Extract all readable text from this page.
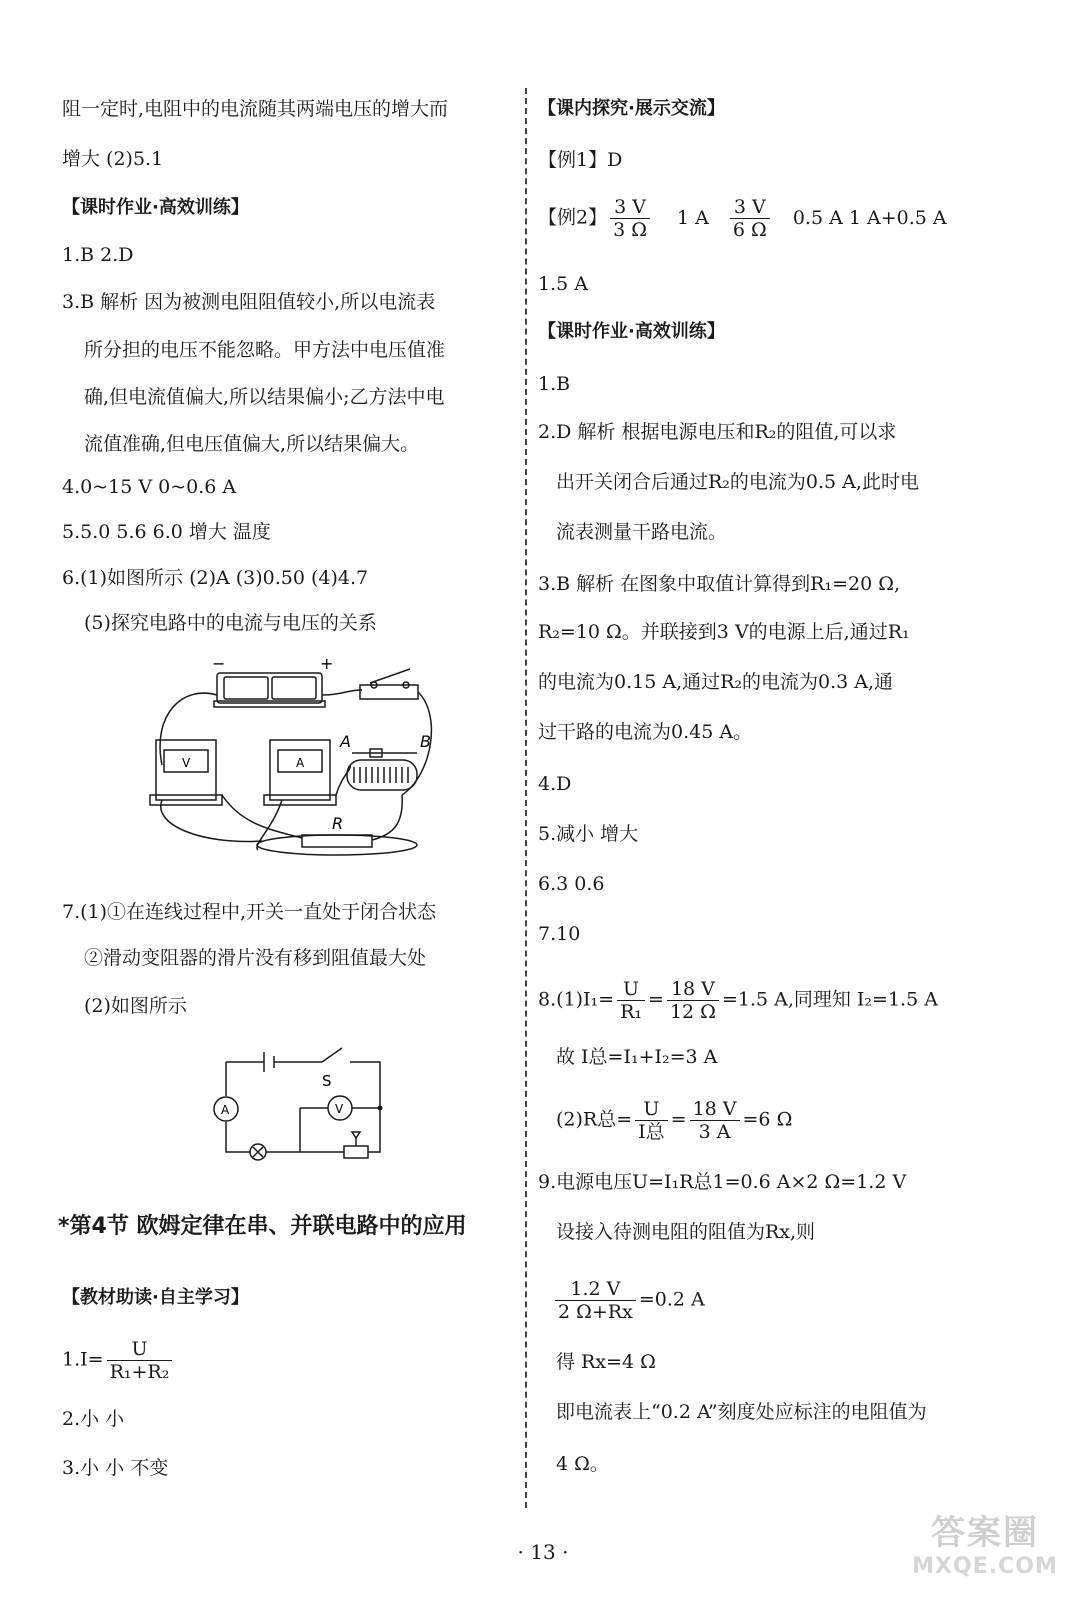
阻一定时,电阻中的电流随其两端电压的增大而
增大 (2)5.1
【课时作业·高效训练】
1.B 2.D
3.B 解析 因为被测电阻阻值较小,所以电流表
所分担的电压不能忽略。甲方法中电压值准
确,但电流值偏大,所以结果偏小;乙方法中电
流值准确,但电压值偏大,所以结果偏大。
4.0~15 V 0~0.6 A
5.5.0 5.6 6.0 增大 温度
6.(1)如图所示 (2)A (3)0.50 (4)4.7
(5)探究电路中的电流与电压的关系
−	+
V	A
A	B
R
7.(1)①在连线过程中,开关一直处于闭合状态
②滑动变阻器的滑片没有移到阻值最大处
(2)如图所示
S
A	V
*第4节 欧姆定律在串、并联电路中的应用
【教材助读·自主学习】
$1.I= \frac{U}{\text{R₁+R₂}}$
2.小 小
3.小 小 不变
【课内探究·展示交流】
【例1】D
【例2】 $\frac{3 V}{3 \Omega} 1$ A $\frac{3 V}{6 \Omega} 0.5$ A 1 A+0.5 A
1.5 A
【课时作业·高效训练】
1.B
2.D 解析 根据电源电压和R₂的阻值,可以求
出开关闭合后通过R₂的电流为0.5 A,此时电
流表测量干路电流。
3.B 解析 在图象中取值计算得到R₁=20 Ω,
R₂=10 Ω。并联接到3 V的电源上后,通过R₁
的电流为0.15 A,通过R₂的电流为0.3 A,通
过干路的电流为0.45 A。
4.D
5.减小 增大
6.3 0.6
7.10
$8.(1)I_1= \frac{U}{\text{R₁}} = \frac{18 V}{12 \Omega} =1.5$ A,同理知 I₂=1.5 A
故 I总=I₁+I₂=3 A
(2)R总= $\frac{U}{\text{I总}} = \frac{18 V}{3 A} =6$ Ω
9.电源电压U=I₁R总1=0.6 A×2 Ω=1.2 V
设接入待测电阻的阻值为Rx,则
$\frac{1.2 V}{2 \Omega+Rx} =0.2$ A
得 Rx=4 Ω
即电流表上“0.2 A”刻度处应标注的电阻值为
4 Ω。
· 13 ·	答案圈
MXQE.COM
